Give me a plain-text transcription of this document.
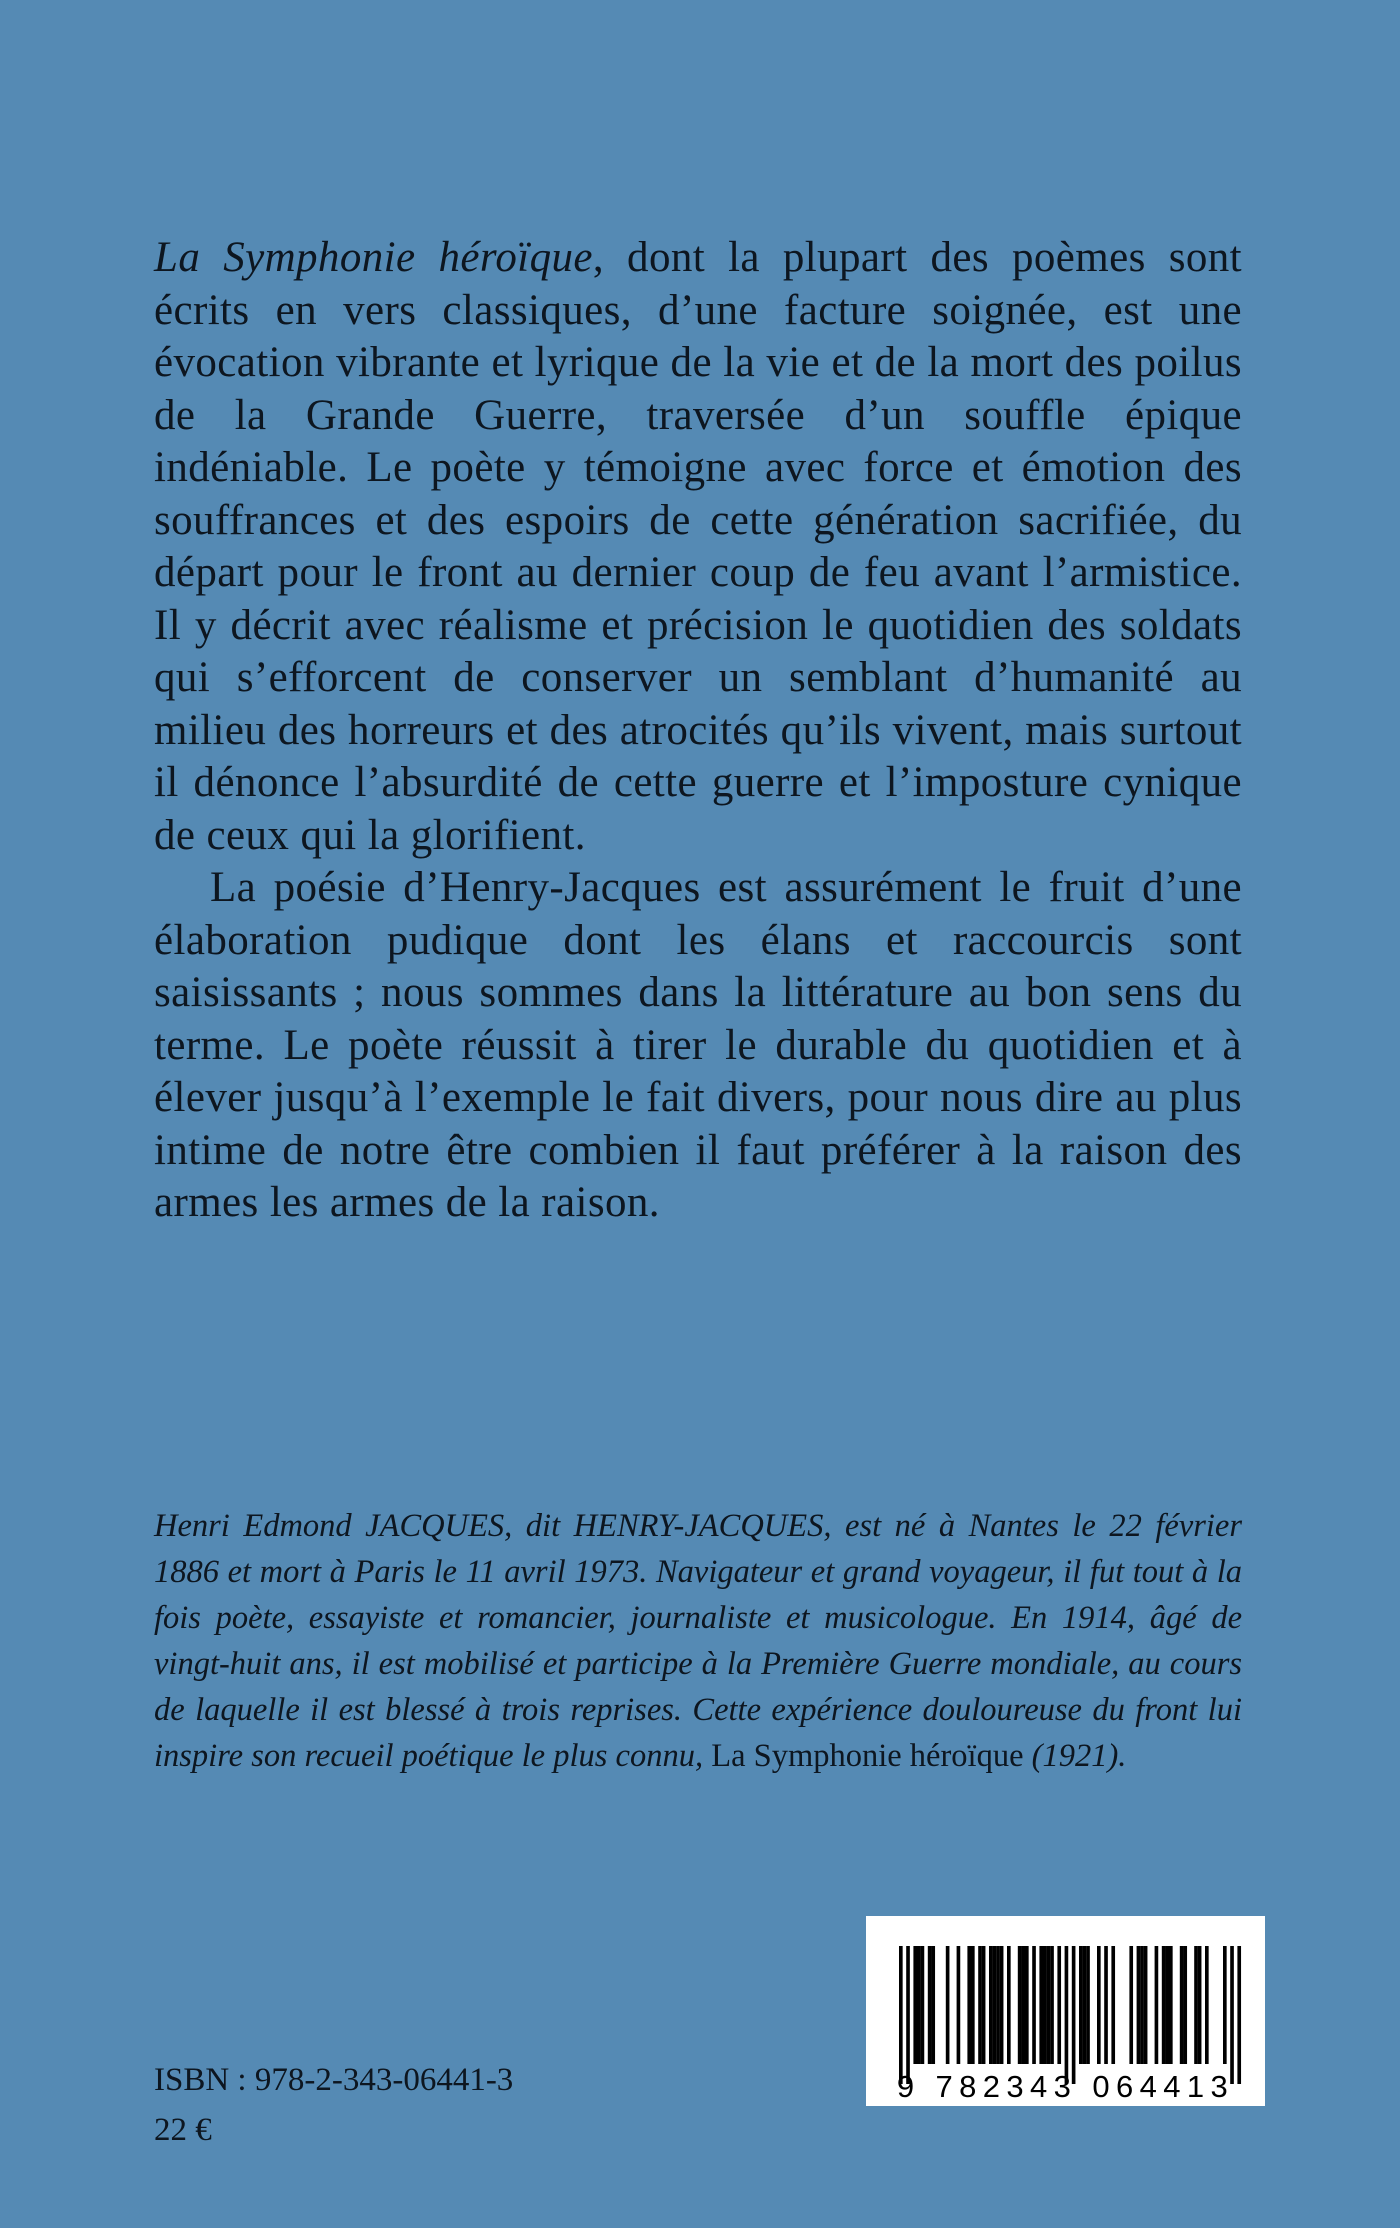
La Symphonie héroïque, dont la plupart des poèmes sont écrits en vers classiques, d’une facture soignée, est une évocation vibrante et lyrique de la vie et de la mort des poilus de la Grande Guerre, traversée d’un souffle épique indéniable. Le poète y témoigne avec force et émotion des souffrances et des espoirs de cette génération sacrifiée, du départ pour le front au dernier coup de feu avant l’armistice. Il y décrit avec réalisme et précision le quotidien des soldats qui s’efforcent de conserver un semblant d’humanité au milieu des horreurs et des atrocités qu’ils vivent, mais surtout il dénonce l’absurdité de cette guerre et l’imposture cynique de ceux qui la glorifient.

La poésie d’Henry-Jacques est assurément le fruit d’une élaboration pudique dont les élans et raccourcis sont saisissants ; nous sommes dans la littérature au bon sens du terme. Le poète réussit à tirer le durable du quotidien et à élever jusqu’à l’exemple le fait divers, pour nous dire au plus intime de notre être combien il faut préférer à la raison des armes les armes de la raison.

Henri Edmond JACQUES, dit HENRY-JACQUES, est né à Nantes le 22 février 1886 et mort à Paris le 11 avril 1973. Navigateur et grand voyageur, il fut tout à la fois poète, essayiste et romancier, journaliste et musicologue. En 1914, âgé de vingt-huit ans, il est mobilisé et participe à la Première Guerre mondiale, au cours de laquelle il est blessé à trois reprises. Cette expérience douloureuse du front lui inspire son recueil poétique le plus connu, La Symphonie héroïque (1921).

9 782343 064413
ISBN : 978-2-343-06441-3
22 €
